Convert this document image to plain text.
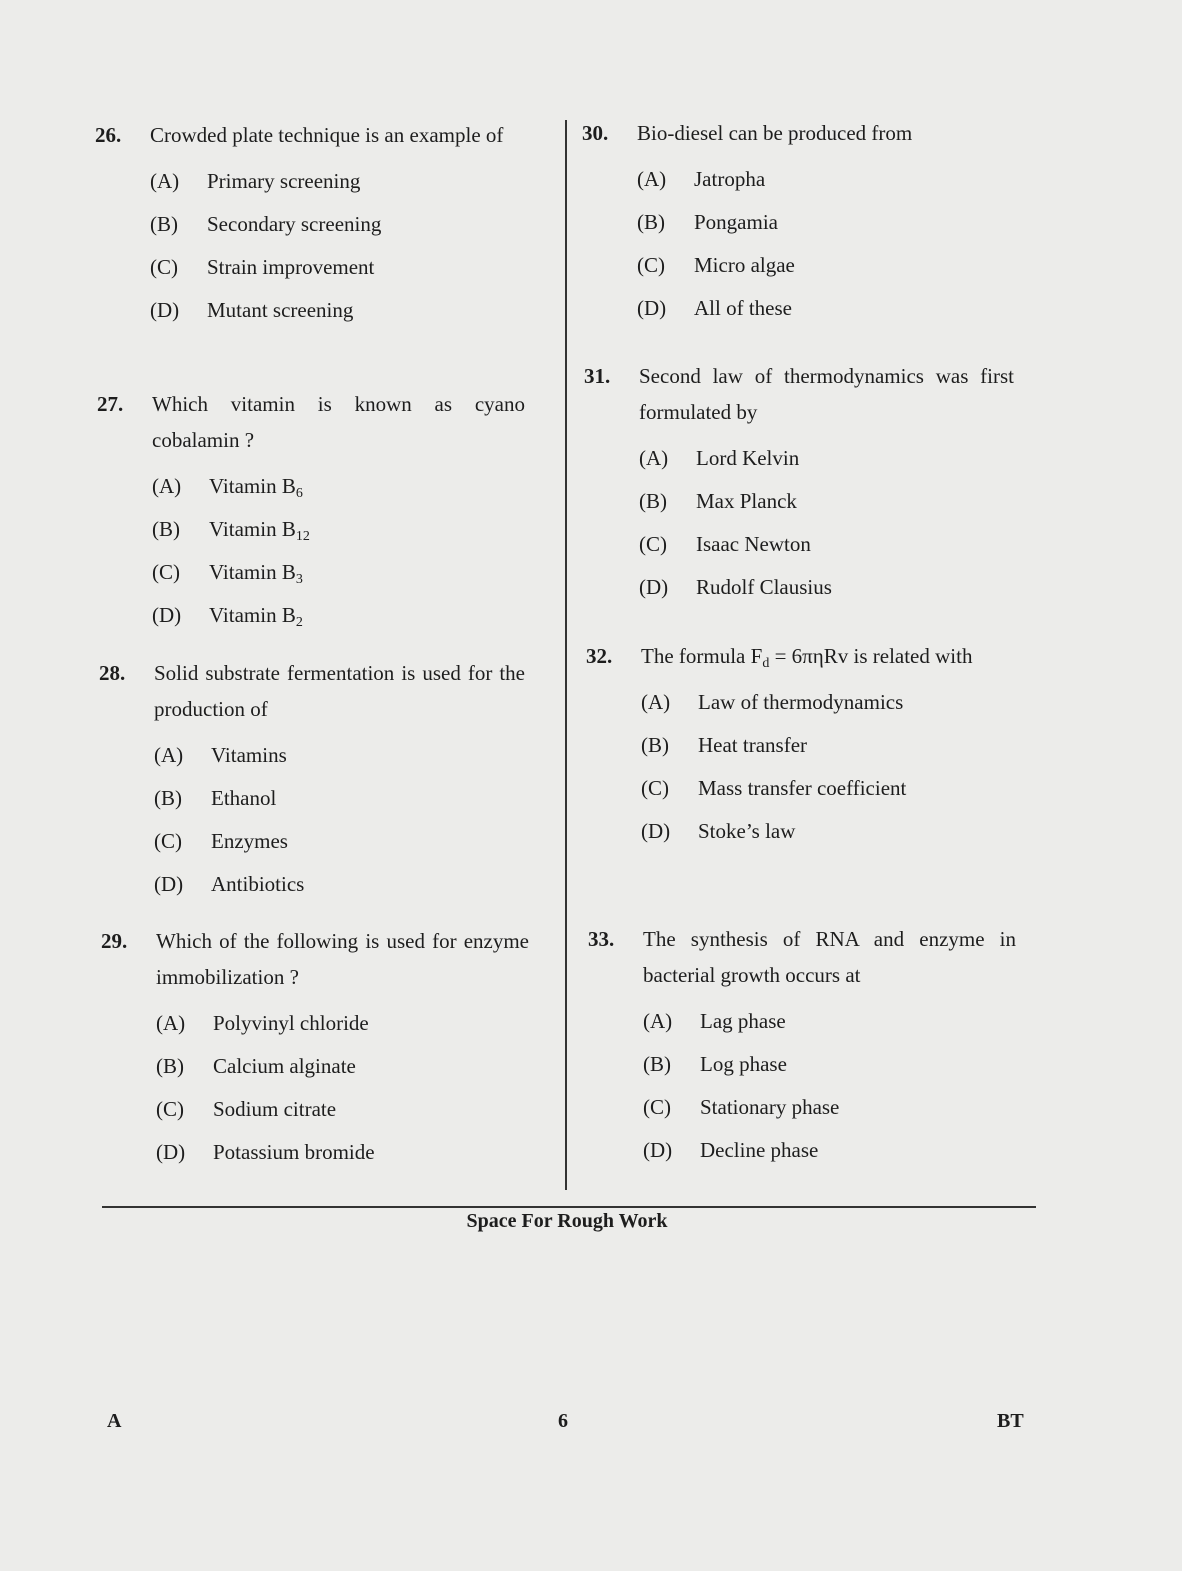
26.	Crowded plate technique is an example of
(A)	Primary screening
(B)	Secondary screening
(C)	Strain improvement
(D)	Mutant screening
27.	Which vitamin is known as cyano cobalamin ?
(A)	Vitamin $B_6$
(B)	Vitamin $B_{12}$
(C)	Vitamin $B_3$
(D)	Vitamin $B_2$
28.	Solid substrate fermentation is used for the production of
(A)	Vitamins
(B)	Ethanol
(C)	Enzymes
(D)	Antibiotics
29.	Which of the following is used for enzyme immobilization ?
(A)	Polyvinyl chloride
(B)	Calcium alginate
(C)	Sodium citrate
(D)	Potassium bromide
30.	Bio-diesel can be produced from
(A)	Jatropha
(B)	Pongamia
(C)	Micro algae
(D)	All of these
31.	Second law of thermodynamics was first formulated by
(A)	Lord Kelvin
(B)	Max Planck
(C)	Isaac Newton
(D)	Rudolf Clausius
32.	The formula $F_d = 6\pi\eta Rv$ is related with
(A)	Law of thermodynamics
(B)	Heat transfer
(C)	Mass transfer coefficient
(D)	Stoke’s law
33.	The synthesis of RNA and enzyme in bacterial growth occurs at
(A)	Lag phase
(B)	Log phase
(C)	Stationary phase
(D)	Decline phase
Space For Rough Work
A	6	BT
